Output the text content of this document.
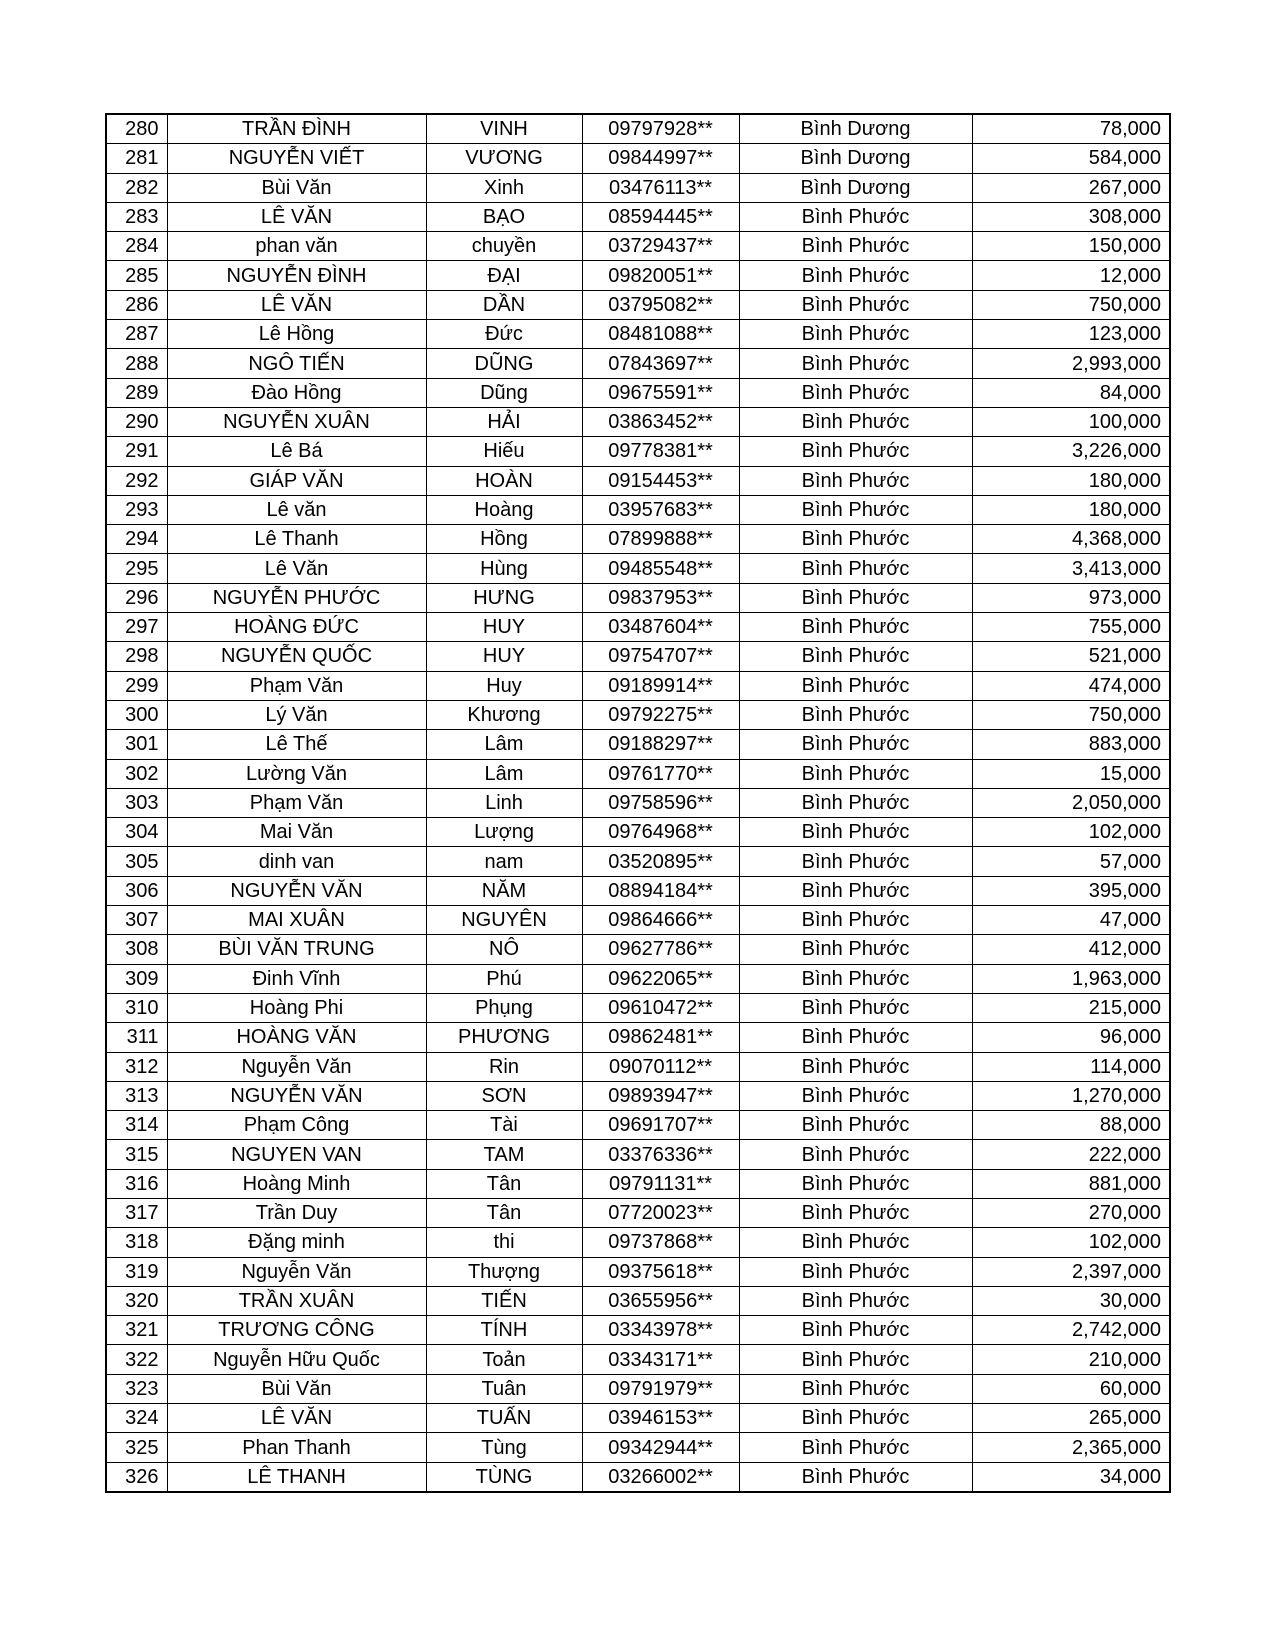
280	TRẦN ĐÌNH	VINH	09797928**	Bình Dương	78,000
281	NGUYỄN VIẾT	VƯƠNG	09844997**	Bình Dương	584,000
282	Bùi Văn	Xinh	03476113**	Bình Dương	267,000
283	LÊ VĂN	BẠO	08594445**	Bình Phước	308,000
284	phan văn	chuyền	03729437**	Bình Phước	150,000
285	NGUYỄN ĐÌNH	ĐẠI	09820051**	Bình Phước	12,000
286	LÊ VĂN	DẦN	03795082**	Bình Phước	750,000
287	Lê Hồng	Đức	08481088**	Bình Phước	123,000
288	NGÔ TIẾN	DŨNG	07843697**	Bình Phước	2,993,000
289	Đào Hồng	Dũng	09675591**	Bình Phước	84,000
290	NGUYỄN XUÂN	HẢI	03863452**	Bình Phước	100,000
291	Lê Bá	Hiếu	09778381**	Bình Phước	3,226,000
292	GIÁP VĂN	HOÀN	09154453**	Bình Phước	180,000
293	Lê văn	Hoàng	03957683**	Bình Phước	180,000
294	Lê Thanh	Hồng	07899888**	Bình Phước	4,368,000
295	Lê Văn	Hùng	09485548**	Bình Phước	3,413,000
296	NGUYỄN PHƯỚC	HƯNG	09837953**	Bình Phước	973,000
297	HOÀNG ĐỨC	HUY	03487604**	Bình Phước	755,000
298	NGUYỄN QUỐC	HUY	09754707**	Bình Phước	521,000
299	Phạm Văn	Huy	09189914**	Bình Phước	474,000
300	Lý Văn	Khương	09792275**	Bình Phước	750,000
301	Lê Thế	Lâm	09188297**	Bình Phước	883,000
302	Lường Văn	Lâm	09761770**	Bình Phước	15,000
303	Phạm Văn	Linh	09758596**	Bình Phước	2,050,000
304	Mai Văn	Lượng	09764968**	Bình Phước	102,000
305	dinh van	nam	03520895**	Bình Phước	57,000
306	NGUYỄN VĂN	NĂM	08894184**	Bình Phước	395,000
307	MAI XUÂN	NGUYÊN	09864666**	Bình Phước	47,000
308	BÙI VĂN TRUNG	NÔ	09627786**	Bình Phước	412,000
309	Đinh Vĩnh	Phú	09622065**	Bình Phước	1,963,000
310	Hoàng Phi	Phụng	09610472**	Bình Phước	215,000
311	HOÀNG VĂN	PHƯƠNG	09862481**	Bình Phước	96,000
312	Nguyễn Văn	Rin	09070112**	Bình Phước	114,000
313	NGUYỄN VĂN	SƠN	09893947**	Bình Phước	1,270,000
314	Phạm Công	Tài	09691707**	Bình Phước	88,000
315	NGUYEN VAN	TAM	03376336**	Bình Phước	222,000
316	Hoàng Minh	Tân	09791131**	Bình Phước	881,000
317	Trần Duy	Tân	07720023**	Bình Phước	270,000
318	Đặng minh	thi	09737868**	Bình Phước	102,000
319	Nguyễn Văn	Thượng	09375618**	Bình Phước	2,397,000
320	TRẦN XUÂN	TIẾN	03655956**	Bình Phước	30,000
321	TRƯƠNG CÔNG	TÍNH	03343978**	Bình Phước	2,742,000
322	Nguyễn Hữu Quốc	Toản	03343171**	Bình Phước	210,000
323	Bùi Văn	Tuân	09791979**	Bình Phước	60,000
324	LÊ VĂN	TUẤN	03946153**	Bình Phước	265,000
325	Phan Thanh	Tùng	09342944**	Bình Phước	2,365,000
326	LÊ THANH	TÙNG	03266002**	Bình Phước	34,000
